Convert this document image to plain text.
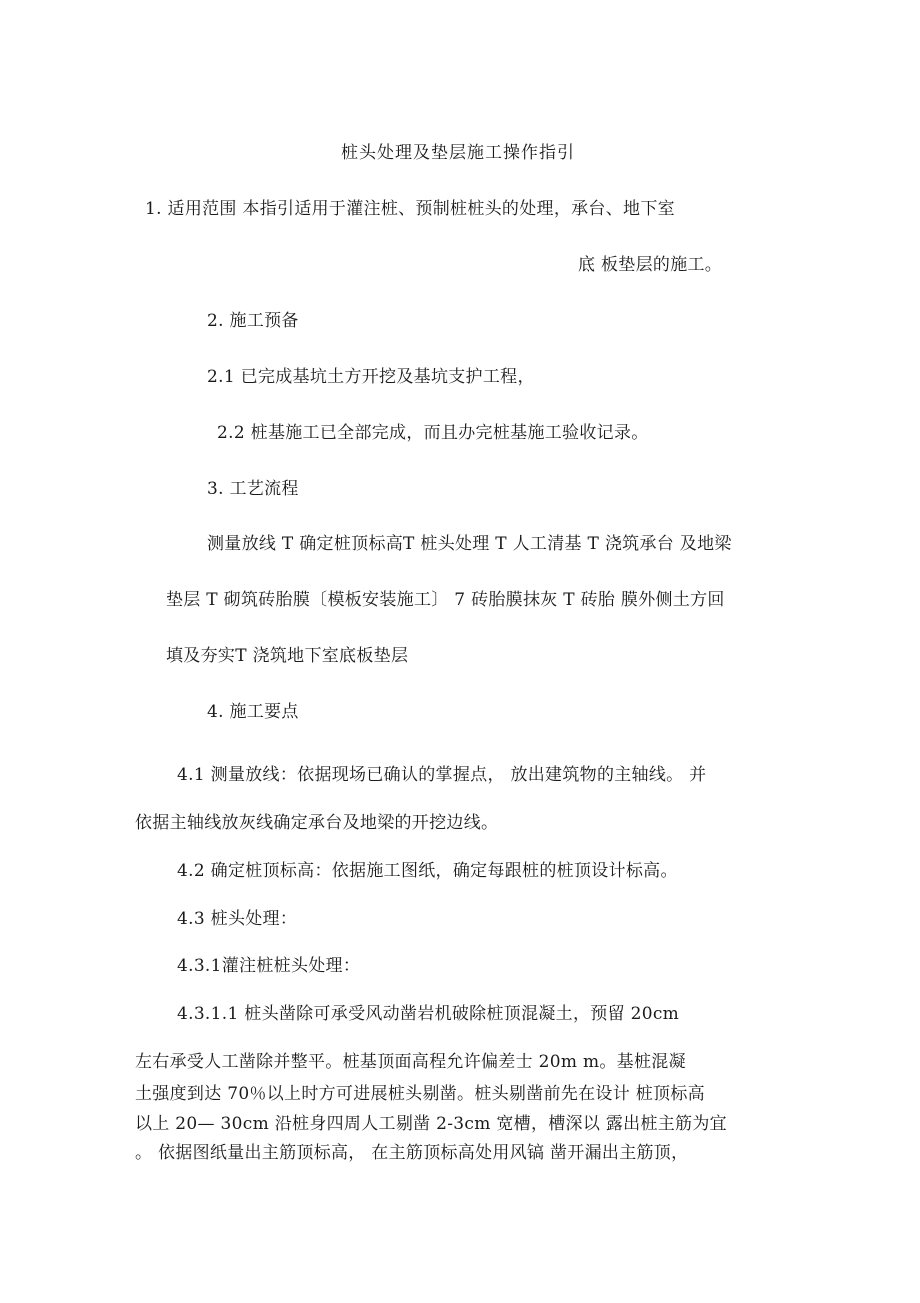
桩头处理及垫层施工操作指引
1. 适用范围 本指引适用于灌注桩、预制桩桩头的处理，承台、地下室
底 板垫层的施工。
2. 施工预备
2.1 已完成基坑土方开挖及基坑支护工程，
2.2 桩基施工已全部完成，而且办完桩基施工验收记录。
3. 工艺流程
测量放线 T 确定桩顶标高T 桩头处理 T 人工清基 T 浇筑承台 及地梁
垫层 T 砌筑砖胎膜〔模板安装施工〕 7 砖胎膜抹灰 T 砖胎 膜外侧土方回
填及夯实T 浇筑地下室底板垫层
4. 施工要点
4.1 测量放线：依据现场已确认的掌握点， 放出建筑物的主轴线。 并
依据主轴线放灰线确定承台及地梁的开挖边线。
4.2 确定桩顶标高：依据施工图纸，确定每跟桩的桩顶设计标高。
4.3 桩头处理：
4.3.1灌注桩桩头处理：
4.3.1.1 桩头凿除可承受风动凿岩机破除桩顶混凝土，预留 20cm
左右承受人工凿除并整平。桩基顶面高程允许偏差士 20m m。基桩混凝
土强度到达 70％以上时方可进展桩头剔凿。桩头剔凿前先在设计 桩顶标高
以上 20— 30cm 沿桩身四周人工剔凿 2-3cm 宽槽，槽深以 露出桩主筋为宜
。 依据图纸量出主筋顶标高， 在主筋顶标高处用风镐 凿开漏出主筋顶，
